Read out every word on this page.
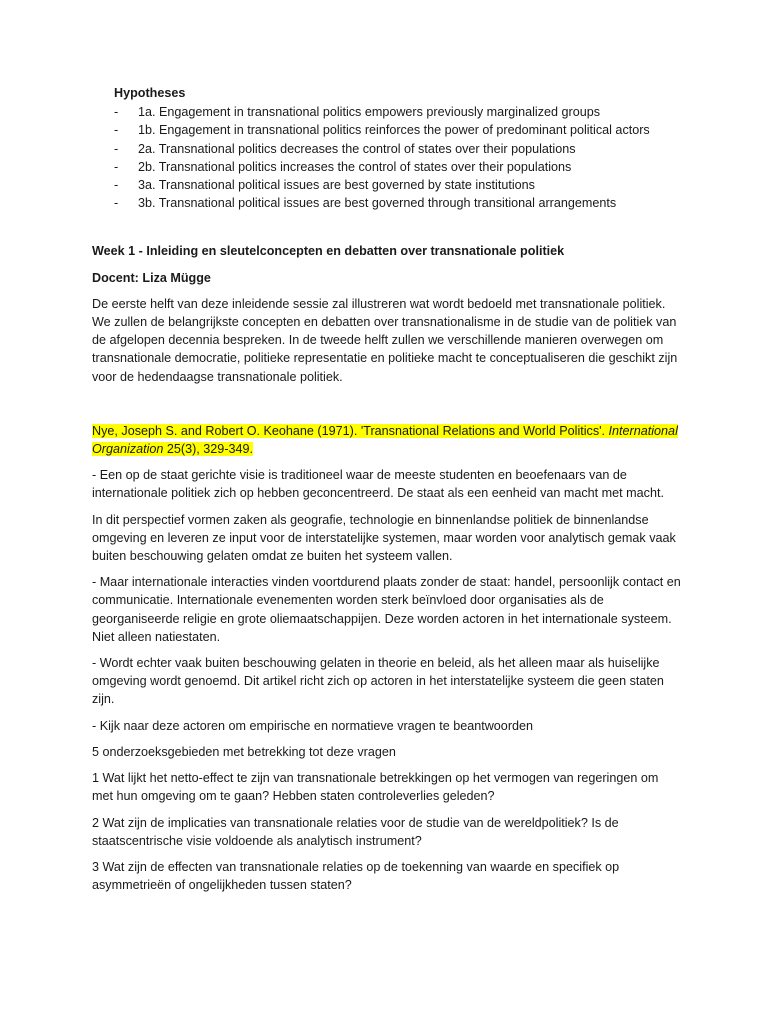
Hypotheses
- 1a. Engagement in transnational politics empowers previously marginalized groups
- 1b. Engagement in transnational politics reinforces the power of predominant political actors
- 2a. Transnational politics decreases the control of states over their populations
- 2b. Transnational politics increases the control of states over their populations
- 3a. Transnational political issues are best governed by state institutions
- 3b. Transnational political issues are best governed through transitional arrangements
Week 1 - Inleiding en sleutelconcepten en debatten over transnationale politiek
Docent: Liza Mügge

De eerste helft van deze inleidende sessie zal illustreren wat wordt bedoeld met transnationale politiek. We zullen de belangrijkste concepten en debatten over transnationalisme in de studie van de politiek van de afgelopen decennia bespreken. In de tweede helft zullen we verschillende manieren overwegen om transnationale democratie, politieke representatie en politieke macht te conceptualiseren die geschikt zijn voor de hedendaagse transnationale politiek.

Nye, Joseph S. and Robert O. Keohane (1971). 'Transnational Relations and World Politics'. International Organization 25(3), 329-349.

- Een op de staat gerichte visie is traditioneel waar de meeste studenten en beoefenaars van de internationale politiek zich op hebben geconcentreerd. De staat als een eenheid van macht met macht.

In dit perspectief vormen zaken als geografie, technologie en binnenlandse politiek de binnenlandse omgeving en leveren ze input voor de interstatelijke systemen, maar worden voor analytisch gemak vaak buiten beschouwing gelaten omdat ze buiten het systeem vallen.

- Maar internationale interacties vinden voortdurend plaats zonder de staat: handel, persoonlijk contact en communicatie. Internationale evenementen worden sterk beïnvloed door organisaties als de georganiseerde religie en grote oliemaatschappijen. Deze worden actoren in het internationale systeem. Niet alleen natiestaten.

- Wordt echter vaak buiten beschouwing gelaten in theorie en beleid, als het alleen maar als huiselijke omgeving wordt genoemd. Dit artikel richt zich op actoren in het interstatelijke systeem die geen staten zijn.

- Kijk naar deze actoren om empirische en normatieve vragen te beantwoorden

5 onderzoeksgebieden met betrekking tot deze vragen

1 Wat lijkt het netto-effect te zijn van transnationale betrekkingen op het vermogen van regeringen om met hun omgeving om te gaan? Hebben staten controleverlies geleden?

2 Wat zijn de implicaties van transnationale relaties voor de studie van de wereldpolitiek? Is de staatscentrische visie voldoende als analytisch instrument?

3 Wat zijn de effecten van transnationale relaties op de toekenning van waarde en specifiek op asymmetrieën of ongelijkheden tussen staten?
